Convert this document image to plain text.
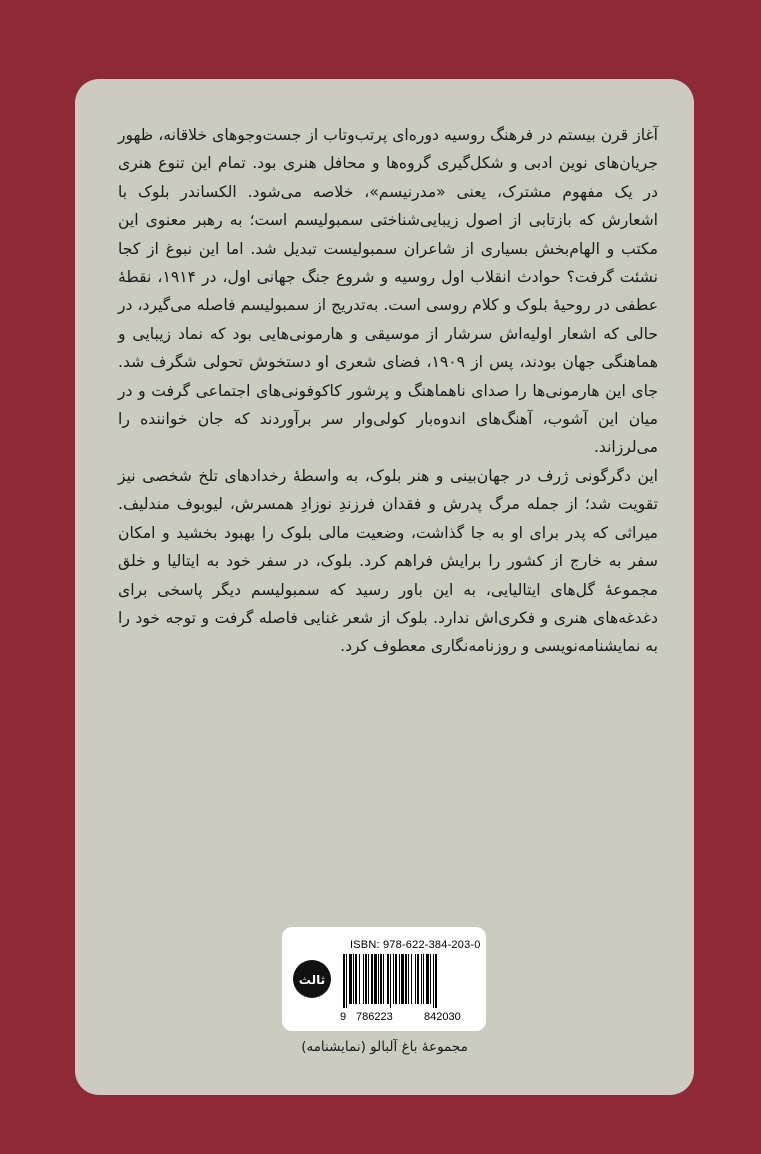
آغاز قرن بیستم در فرهنگ روسیه دوره‌ای پرتب‌وتاب از جست‌وجوهای خلاقانه، ظهور جریان‌های نوین ادبی و شکل‌گیری گروه‌ها و محافل هنری بود. تمام این تنوع هنری در یک مفهوم مشترک، یعنی «مدرنیسم»، خلاصه می‌شود. الکساندر بلوک با اشعارش که بازتابی از اصول زیبایی‌شناختی سمبولیسم است؛ به رهبر معنوی این مکتب و الهام‌بخش بسیاری از شاعران سمبولیست تبدیل شد. اما این نبوغ از کجا نشئت گرفت؟ حوادث انقلاب اول روسیه و شروع جنگ جهانی اول، در ۱۹۱۴، نقطهٔ عطفی در روحیهٔ بلوک و کلام روسی است. به‌تدریج از سمبولیسم فاصله می‌گیرد، در حالی که اشعار اولیه‌اش سرشار از موسیقی و هارمونی‌هایی بود که نماد زیبایی و هماهنگی جهان بودند، پس از ۱۹۰۹، فضای شعری او دستخوش تحولی شگرف شد. جای این هارمونی‌ها را صدای ناهماهنگ و پرشور کاکوفونی‌های اجتماعی گرفت و در میان این آشوب، آهنگ‌های اندوه‌بار کولی‌وار سر برآوردند که جان خواننده را می‌لرزاند.

این دگرگونی ژرف در جهان‌بینی و هنر بلوک، به واسطهٔ رخدادهای تلخ شخصی نیز تقویت شد؛ از جمله مرگ پدرش و فقدان فرزندِ نوزادِ همسرش، لیوبوف مندلیف. میراثی که پدر برای او به جا گذاشت، وضعیت مالی بلوک را بهبود بخشید و امکان سفر به خارج از کشور را برایش فراهم کرد. بلوک، در سفر خود به ایتالیا و خلق مجموعهٔ گل‌های ایتالیایی، به این باور رسید که سمبولیسم دیگر پاسخی برای دغدغه‌های هنری و فکری‌اش ندارد. بلوک از شعر غنایی فاصله گرفت و توجه خود را به نمایشنامه‌نویسی و روزنامه‌نگاری معطوف کرد.

ثالث
ISBN: 978-622-384-203-0
9 786223	842030
مجموعهٔ باغ آلبالو (نمایشنامه)
